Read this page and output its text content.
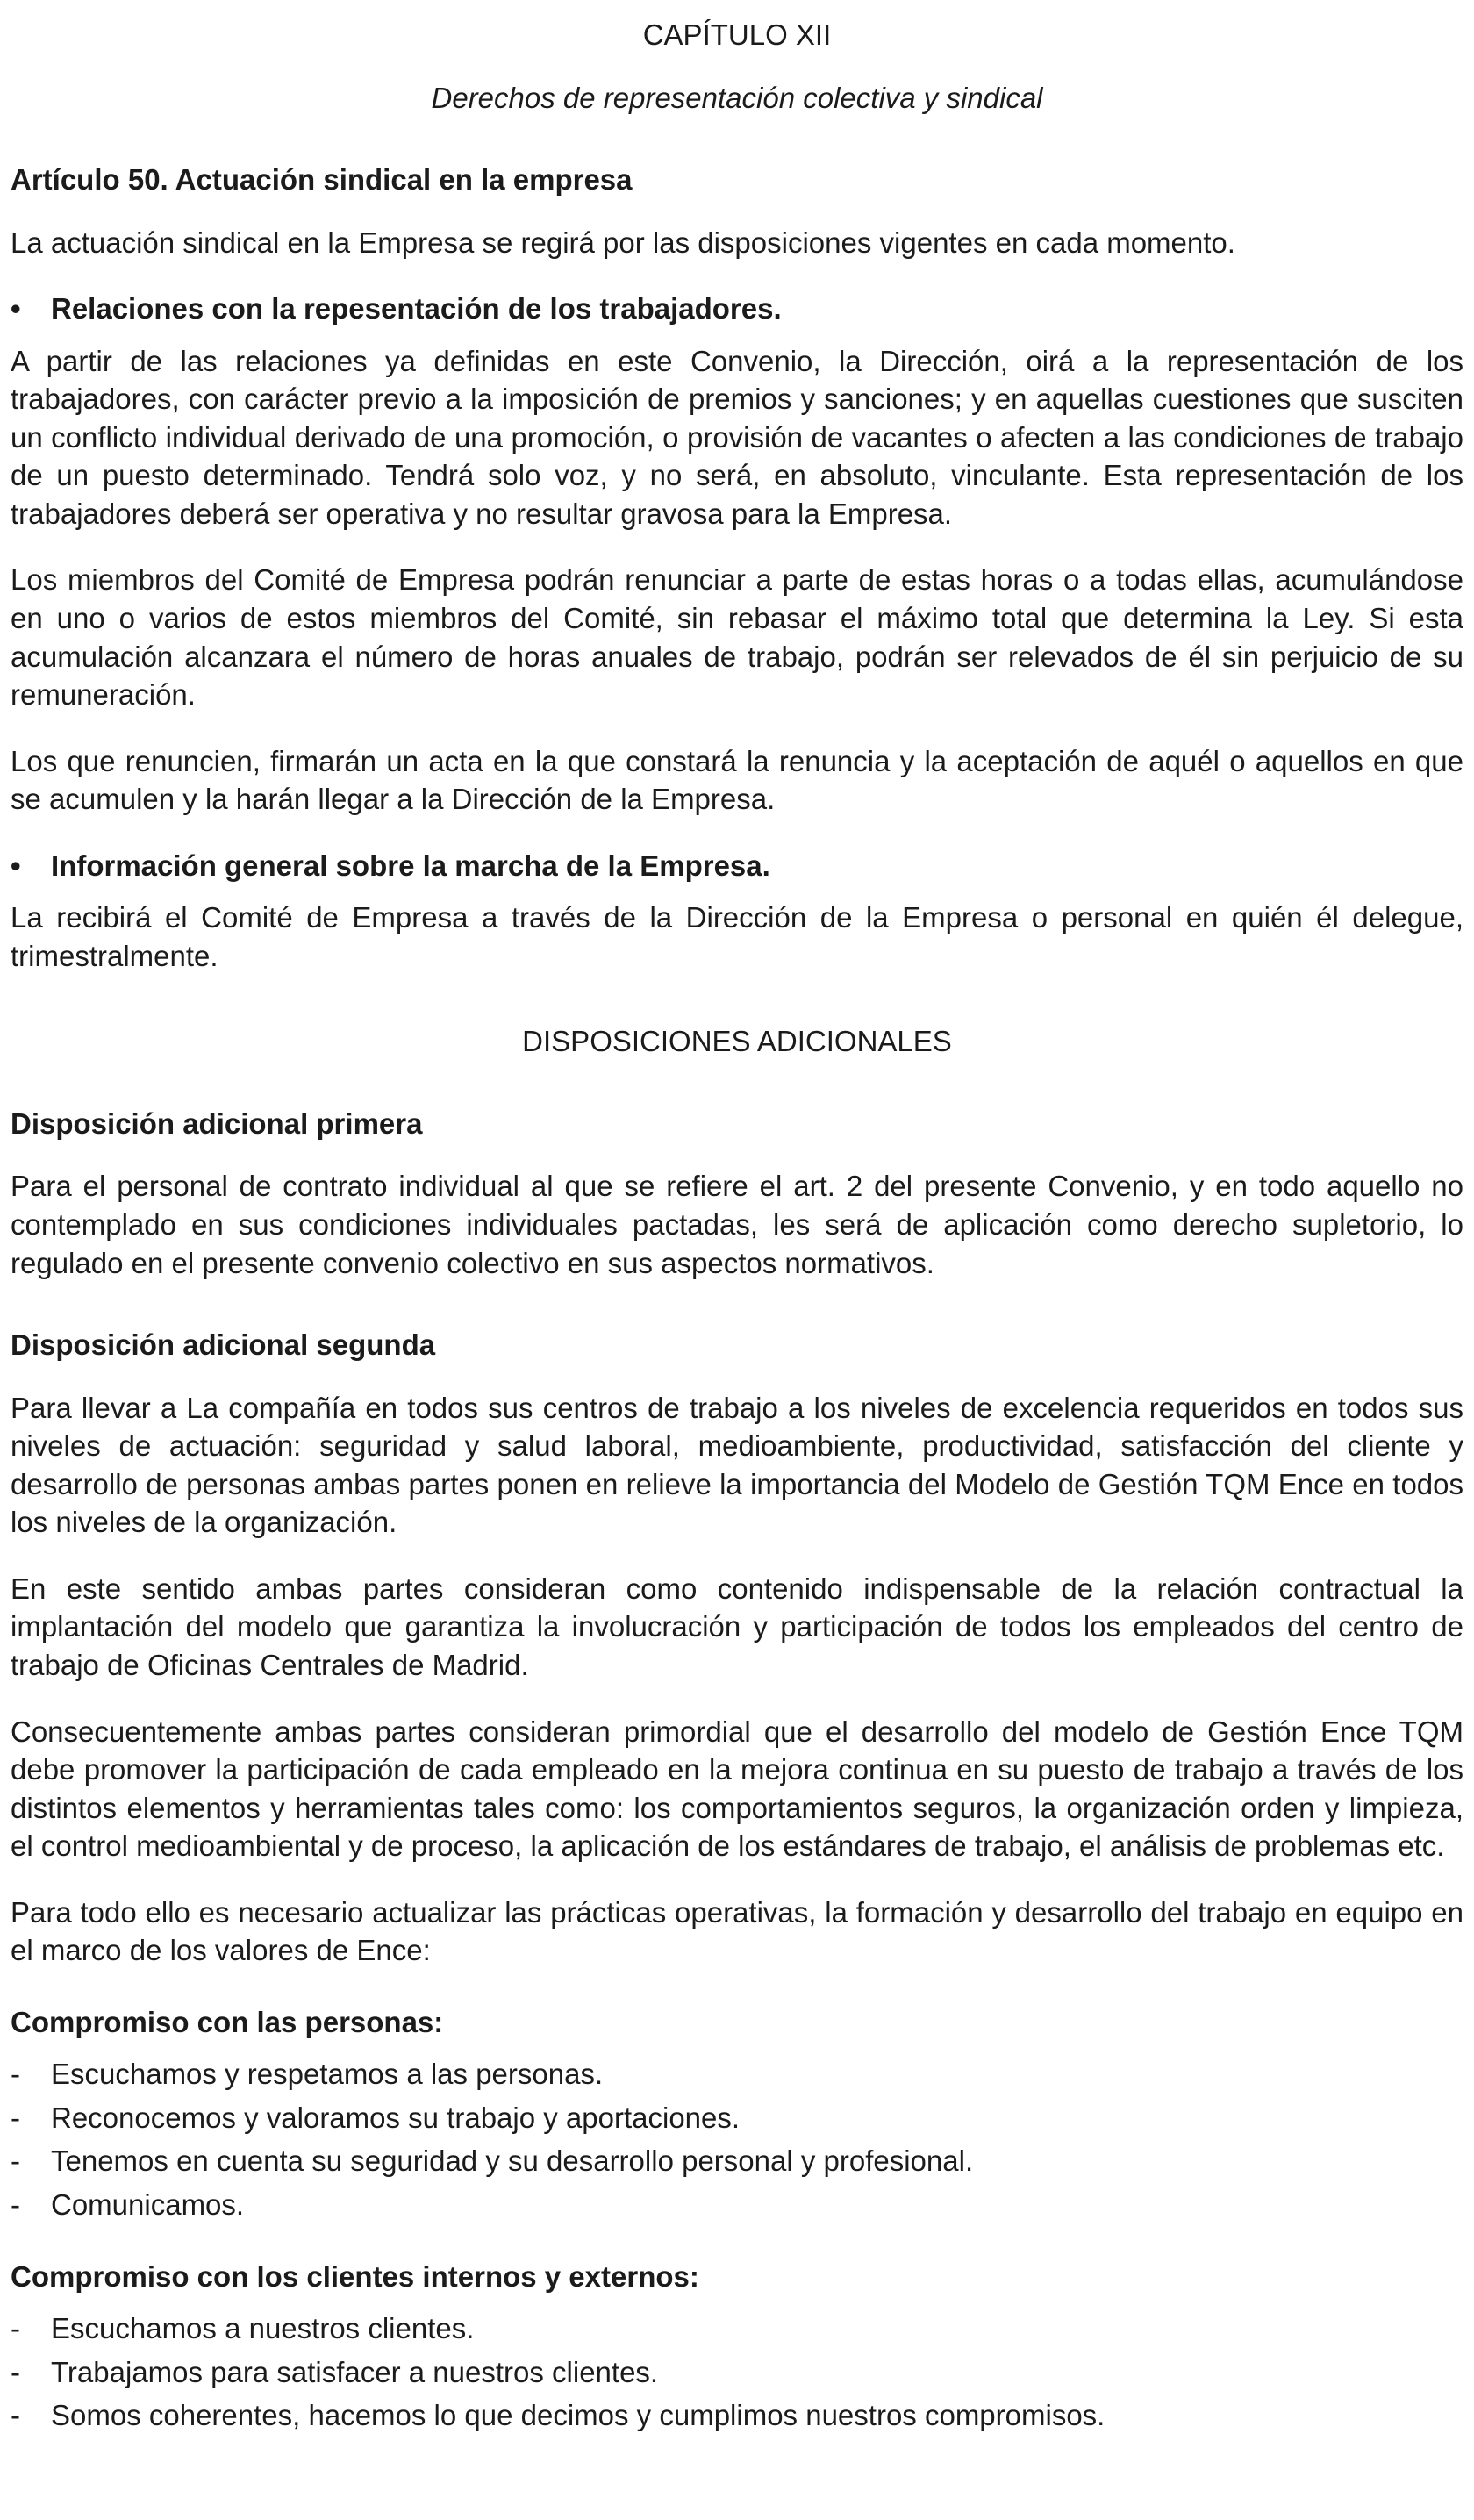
CAPÍTULO XII
Derechos de representación colectiva y sindical
Artículo 50. Actuación sindical en la empresa

La actuación sindical en la Empresa se regirá por las disposiciones vigentes en cada momento.

•	Relaciones con la repesentación de los trabajadores.

A partir de las relaciones ya definidas en este Convenio, la Dirección, oirá a la representación de los trabajadores, con carácter previo a la imposición de premios y sanciones; y en aquellas cuestiones que susciten un conflicto individual derivado de una promoción, o provisión de vacantes o afecten a las condiciones de trabajo de un puesto determinado. Tendrá solo voz, y no será, en absoluto, vinculante. Esta representación de los trabajadores deberá ser operativa y no resultar gravosa para la Empresa.

Los miembros del Comité de Empresa podrán renunciar a parte de estas horas o a todas ellas, acumulándose en uno o varios de estos miembros del Comité, sin rebasar el máximo total que determina la Ley. Si esta acumulación alcanzara el número de horas anuales de trabajo, podrán ser relevados de él sin perjuicio de su remuneración.

Los que renuncien, firmarán un acta en la que constará la renuncia y la aceptación de aquél o aquellos en que se acumulen y la harán llegar a la Dirección de la Empresa.

•	Información general sobre la marcha de la Empresa.

La recibirá el Comité de Empresa a través de la Dirección de la Empresa o personal en quién él delegue, trimestralmente.

DISPOSICIONES ADICIONALES
Disposición adicional primera

Para el personal de contrato individual al que se refiere el art. 2 del presente Convenio, y en todo aquello no contemplado en sus condiciones individuales pactadas, les será de aplicación como derecho supletorio, lo regulado en el presente convenio colectivo en sus aspectos normativos.

Disposición adicional segunda

Para llevar a La compañía en todos sus centros de trabajo a los niveles de excelencia requeridos en todos sus niveles de actuación: seguridad y salud laboral, medioambiente, productividad, satisfacción del cliente y desarrollo de personas ambas partes ponen en relieve la importancia del Modelo de Gestión TQM Ence en todos los niveles de la organización.

En este sentido ambas partes consideran como contenido indispensable de la relación contractual la implantación del modelo que garantiza la involucración y participación de todos los empleados del centro de trabajo de Oficinas Centrales de Madrid.

Consecuentemente ambas partes consideran primordial que el desarrollo del modelo de Gestión Ence TQM debe promover la participación de cada empleado en la mejora continua en su puesto de trabajo a través de los distintos elementos y herramientas tales como: los comportamientos seguros, la organización orden y limpieza, el control medioambiental y de proceso, la aplicación de los estándares de trabajo, el análisis de problemas etc.

Para todo ello es necesario actualizar las prácticas operativas, la formación y desarrollo del trabajo en equipo en el marco de los valores de Ence:

Compromiso con las personas:
-	Escuchamos y respetamos a las personas.
-	Reconocemos y valoramos su trabajo y aportaciones.
-	Tenemos en cuenta su seguridad y su desarrollo personal y profesional.
-	Comunicamos.
Compromiso con los clientes internos y externos:
-	Escuchamos a nuestros clientes.
-	Trabajamos para satisfacer a nuestros clientes.
-	Somos coherentes, hacemos lo que decimos y cumplimos nuestros compromisos.
